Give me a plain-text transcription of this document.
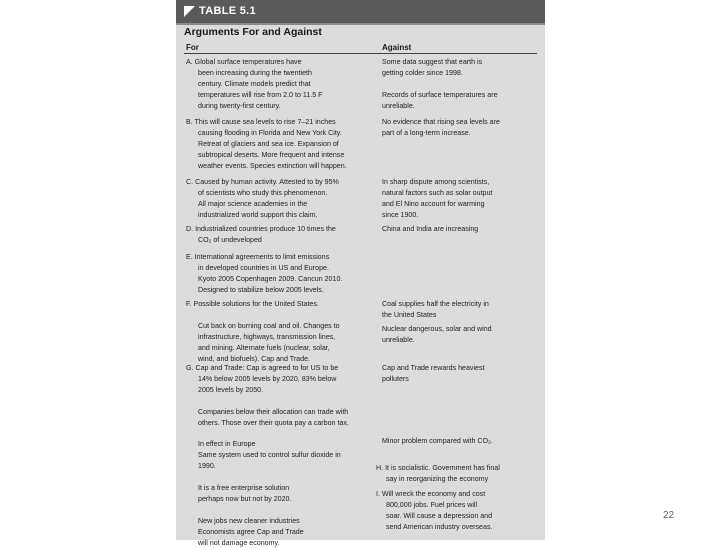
TABLE 5.1
Arguments For and Against
For	Against
A. Global surface temperatures have
been increasing during the twentieth
century. Climate models predict that
temperatures will rise from 2.0 to 11.5 F
during twenty-first century.
Some data suggest that earth is
getting colder since 1998.

Records of surface temperatures are
unreliable.
B. This will cause sea levels to rise 7–21 inches
causing flooding in Florida and New York City.
Retreat of glaciers and sea ice. Expansion of
subtropical deserts. More frequent and intense
weather events. Species extinction will happen.
No evidence that rising sea levels are
part of a long-term increase.
C. Caused by human activity. Attested to by 95%
of scientists who study this phenomenon.
All major science academies in the
industrialized world support this claim.
In sharp dispute among scientists,
natural factors such as solar output
and El Nino account for warming
since 1900.
D. Industrialized countries produce 10 times the
CO₂ of undeveloped
China and India are increasing
E. International agreements to limit emissions
in developed countries in US and Europe.
Kyoto 2005 Copenhagen 2009. Cancun 2010.
Designed to stabilize below 2005 levels.
F. Possible solutions for the United States.

Cut back on burning coal and oil. Changes to
infrastructure, highways, transmission lines,
and mining. Alternate fuels (nuclear, solar,
wind, and biofuels). Cap and Trade.
Coal supplies half the electricity in
the United States
Nuclear dangerous, solar and wind
unreliable.
G. Cap and Trade: Cap is agreed to for US to be
14% below 2005 levels by 2020, 83% below
2005 levels by 2050.

Companies below their allocation can trade with
others. Those over their quota pay a carbon tax.

In effect in Europe
Same system used to control sulfur dioxide in
1990.

It is a free enterprise solution
perhaps now but not by 2020.

New jobs new cleaner industries
Economists agree Cap and Trade
will not damage economy.
Cap and Trade rewards heaviest
polluters
Minor problem compared with CO₂.
H. It is socialistic. Government has final
say in reorganizing the economy
I. Will wreck the economy and cost
800,000 jobs. Fuel prices will
soar. Will cause a depression and
send American industry overseas.
22
